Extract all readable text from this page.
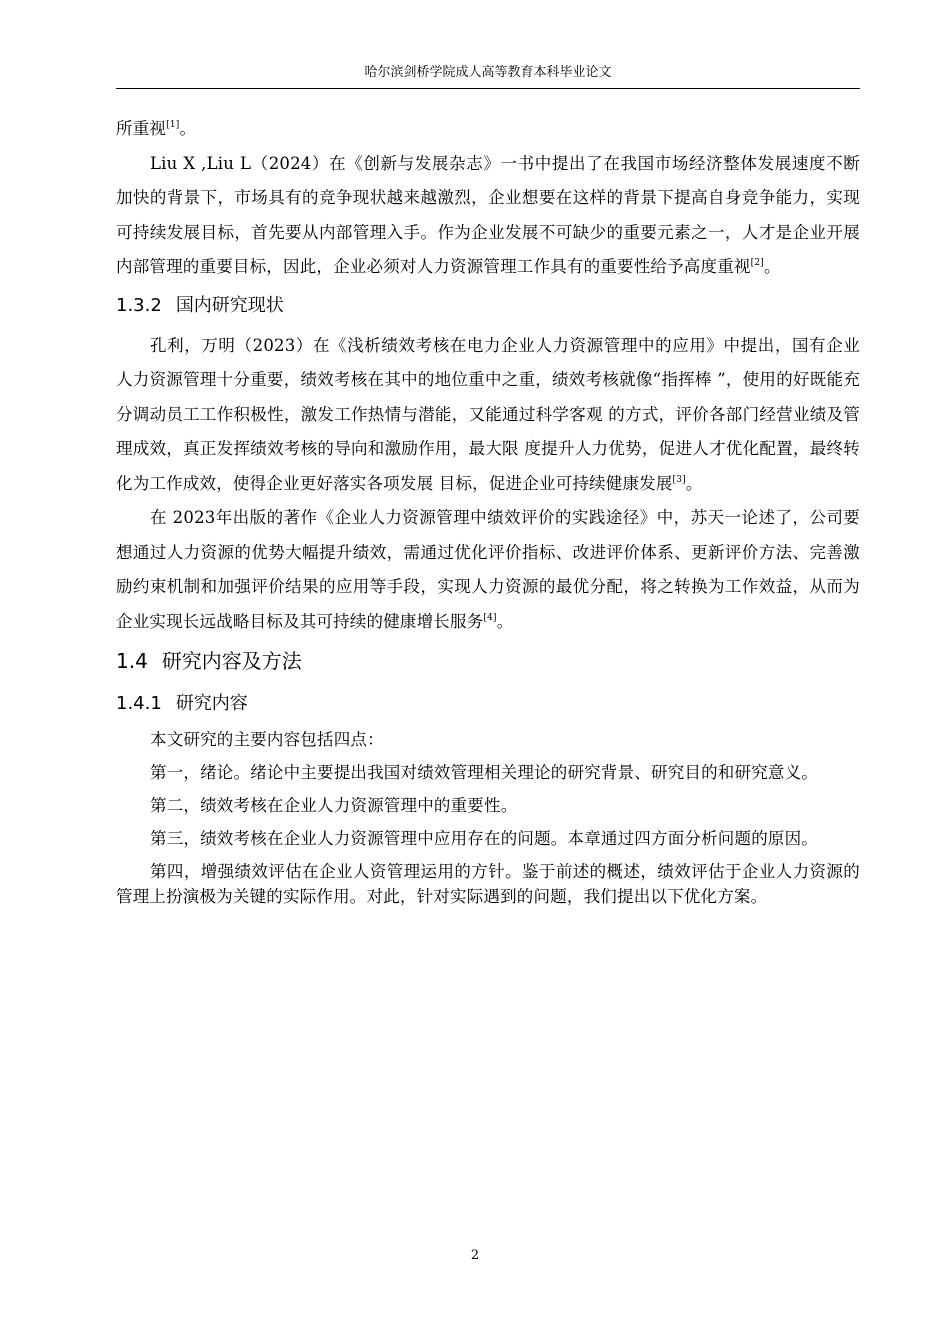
哈尔滨剑桥学院成人高等教育本科毕业论文

所重视[1]。

Liu X ,Liu L（2024）在《创新与发展杂志》一书中提出了在我国市场经济整体发展速度不断加快的背景下，市场具有的竞争现状越来越激烈，企业想要在这样的背景下提高自身竞争能力，实现可持续发展目标，首先要从内部管理入手。作为企业发展不可缺少的重要元素之一，人才是企业开展内部管理的重要目标，因此，企业必须对人力资源管理工作具有的重要性给予高度重视[2]。

1.3.2 国内研究现状

孔利，万明（2023）在《浅析绩效考核在电力企业人力资源管理中的应用》中提出，国有企业人力资源管理十分重要，绩效考核在其中的地位重中之重，绩效考核就像“指挥棒 ”，使用的好既能充分调动员工工作积极性，激发工作热情与潜能，又能通过科学客观 的方式，评价各部门经营业绩及管理成效，真正发挥绩效考核的导向和激励作用，最大限 度提升人力优势，促进人才优化配置，最终转化为工作成效，使得企业更好落实各项发展 目标，促进企业可持续健康发展[3]。

在 2023年出版的著作《企业人力资源管理中绩效评价的实践途径》中，苏天一论述了，公司要想通过人力资源的优势大幅提升绩效，需通过优化评价指标、改进评价体系、更新评价方法、完善激励约束机制和加强评价结果的应用等手段，实现人力资源的最优分配，将之转换为工作效益，从而为企业实现长远战略目标及其可持续的健康增长服务[4]。

1.4 研究内容及方法
1.4.1 研究内容

本文研究的主要内容包括四点：

第一，绪论。绪论中主要提出我国对绩效管理相关理论的研究背景、研究目的和研究意义。

第二，绩效考核在企业人力资源管理中的重要性。

第三，绩效考核在企业人力资源管理中应用存在的问题。本章通过四方面分析问题的原因。

第四，增强绩效评估在企业人资管理运用的方针。鉴于前述的概述，绩效评估于企业人力资源的管理上扮演极为关键的实际作用。对此，针对实际遇到的问题，我们提出以下优化方案。

2
